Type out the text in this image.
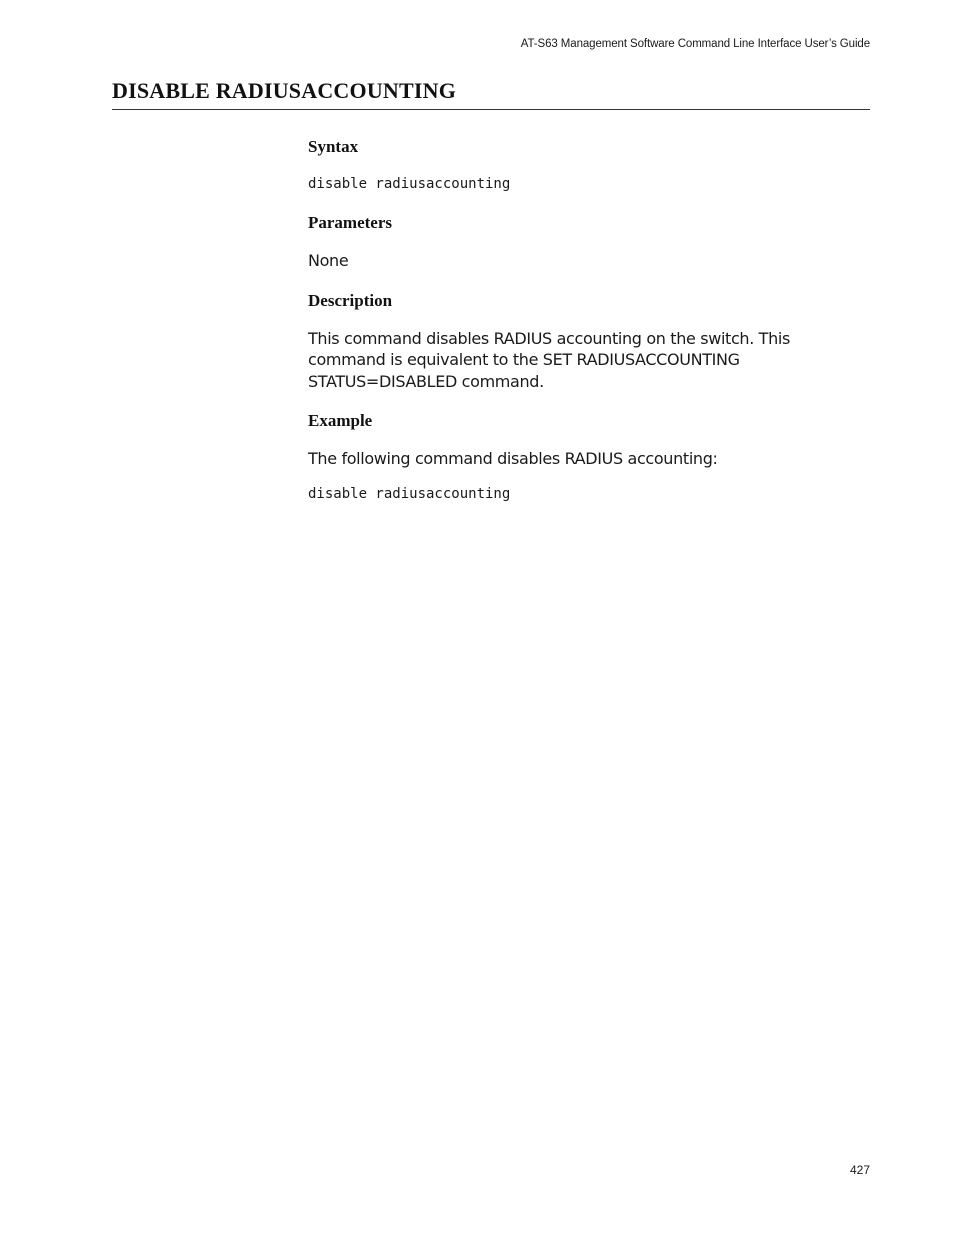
AT-S63 Management Software Command Line Interface User’s Guide
DISABLE RADIUSACCOUNTING
Syntax

disable radiusaccounting

Parameters

None

Description

This command disables RADIUS accounting on the switch. This

command is equivalent to the SET RADIUSACCOUNTING

STATUS=DISABLED command.

Example

The following command disables RADIUS accounting:

disable radiusaccounting

427
